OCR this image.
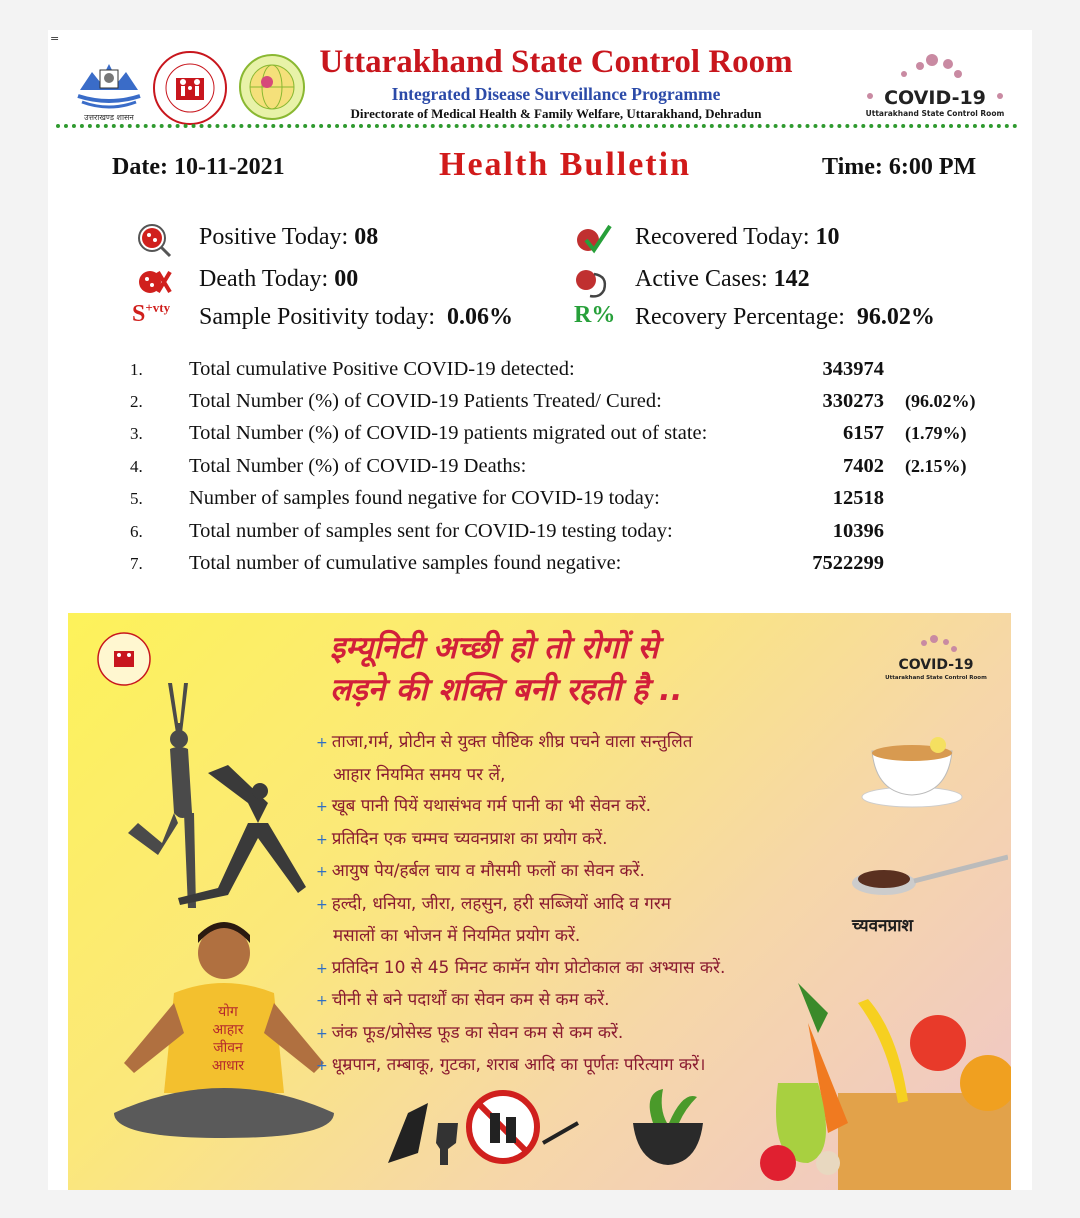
=
उत्तराखण्ड शासन
Uttarakhand State Control Room
Integrated Disease Surveillance Programme
Directorate of Medical Health & Family Welfare, Uttarakhand, Dehradun
COVID-19
Uttarakhand State Control Room
Date: 10-11-2021	Health Bulletin	Time: 6:00 PM
Positive Today: 08	Recovered Today: 10
Death Today: 00	Active Cases: 142
$S^{+vty}$ Sample Positivity today: 0.06%	R% Recovery Percentage: 96.02%
1. Total cumulative Positive COVID-19 detected:	343974
2. Total Number (%) of COVID-19 Patients Treated/ Cured:	330273 (96.02%)
3. Total Number (%) of COVID-19 patients migrated out of state:	6157 (1.79%)
4. Total Number (%) of COVID-19 Deaths:	7402 (2.15%)
5. Number of samples found negative for COVID-19 today:	12518
6. Total number of samples sent for COVID-19 testing today:	10396
7. Total number of cumulative samples found negative:	7522299
योग
आहार
जीवन
आधार
इम्यूनिटी अच्छी हो तो रोगों से
लड़ने की शक्ति बनी रहती है ..
+ ताजा,गर्म, प्रोटीन से युक्त पौष्टिक शीघ्र पचने वाला सन्तुलित
आहार नियमित समय पर लें,
+ खूब पानी पियें यथासंभव गर्म पानी का भी सेवन करें.
+ प्रतिदिन एक चम्मच च्यवनप्राश का प्रयोग करें.
+ आयुष पेय/हर्बल चाय व मौसमी फलों का सेवन करें.
+ हल्दी, धनिया, जीरा, लहसुन, हरी सब्जियों आदि व गरम
मसालों का भोजन में नियमित प्रयोग करें.
+ प्रतिदिन 10 से 45 मिनट कामॅन योग प्रोटोकाल का अभ्यास करें.
+ चीनी से बने पदार्थों का सेवन कम से कम करें.
+ जंक फूड/प्रोसेस्ड फूड का सेवन कम से कम करें.
+ धूम्रपान, तम्बाकू, गुटका, शराब आदि का पूर्णतः परित्याग करें।
COVID-19
Uttarakhand State Control Room
च्यवनप्राश
